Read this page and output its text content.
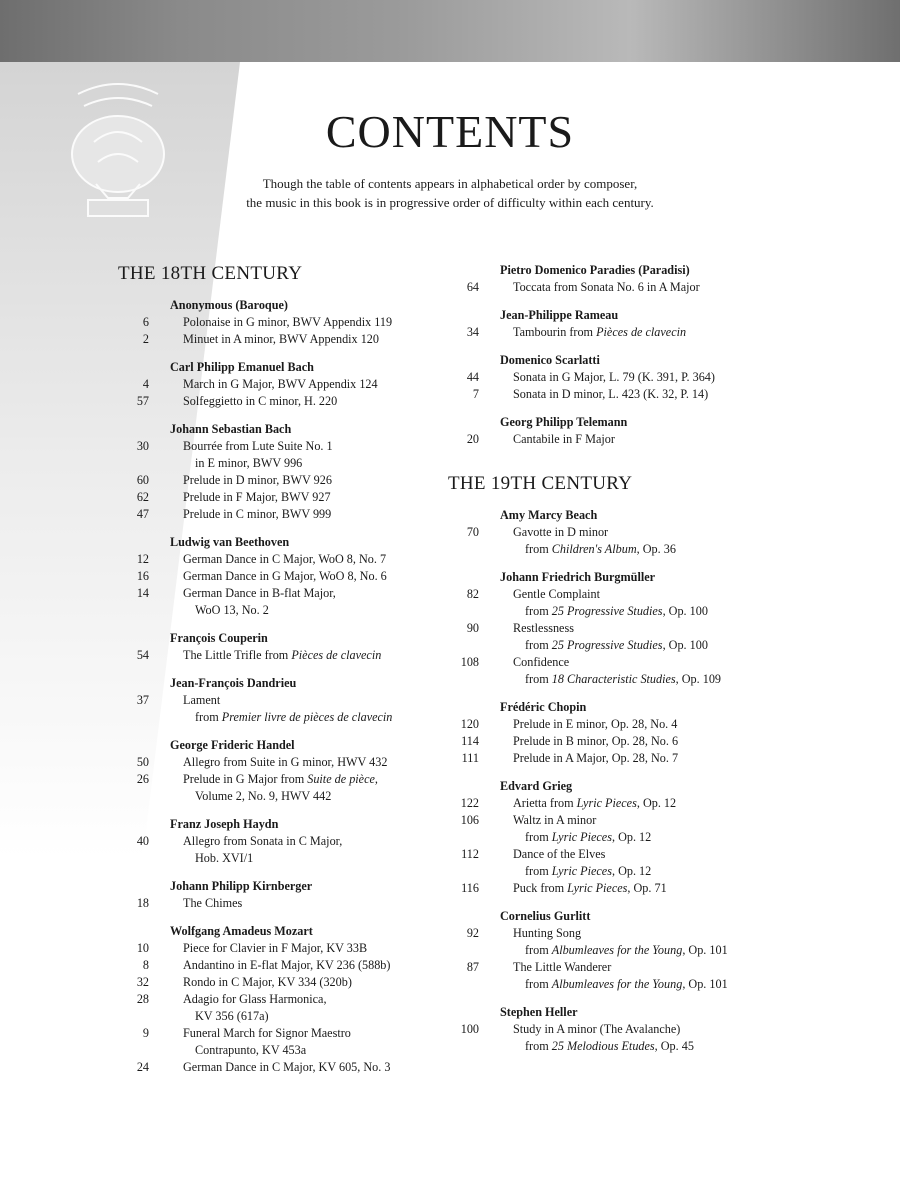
CONTENTS

Though the table of contents appears in alphabetical order by composer,

the music in this book is in progressive order of difficulty within each century.

THE 18TH CENTURY
Anonymous (Baroque)
6	Polonaise in G minor, BWV Appendix 119
2	Minuet in A minor, BWV Appendix 120
Carl Philipp Emanuel Bach
4	March in G Major, BWV Appendix 124
57	Solfeggietto in C minor, H. 220
Johann Sebastian Bach
30	Bourrée from Lute Suite No. 1
in E minor, BWV 996
60	Prelude in D minor, BWV 926
62	Prelude in F Major, BWV 927
47	Prelude in C minor, BWV 999
Ludwig van Beethoven
12	German Dance in C Major, WoO 8, No. 7
16	German Dance in G Major, WoO 8, No. 6
14	German Dance in B-flat Major,
WoO 13, No. 2
François Couperin
54	The Little Trifle from Pièces de clavecin
Jean-François Dandrieu
37	Lament
from Premier livre de pièces de clavecin
George Frideric Handel
50	Allegro from Suite in G minor, HWV 432
26	Prelude in G Major from Suite de pièce,
Volume 2, No. 9, HWV 442
Franz Joseph Haydn
40	Allegro from Sonata in C Major,
Hob. XVI/1
Johann Philipp Kirnberger
18	The Chimes
Wolfgang Amadeus Mozart
10	Piece for Clavier in F Major, KV 33B
8	Andantino in E-flat Major, KV 236 (588b)
32	Rondo in C Major, KV 334 (320b)
28	Adagio for Glass Harmonica,
KV 356 (617a)
9	Funeral March for Signor Maestro
Contrapunto, KV 453a
24	German Dance in C Major, KV 605, No. 3
Pietro Domenico Paradies (Paradisi)
64	Toccata from Sonata No. 6 in A Major
Jean-Philippe Rameau
34	Tambourin from Pièces de clavecin
Domenico Scarlatti
44	Sonata in G Major, L. 79 (K. 391, P. 364)
7	Sonata in D minor, L. 423 (K. 32, P. 14)
Georg Philipp Telemann
20	Cantabile in F Major
THE 19TH CENTURY
Amy Marcy Beach
70	Gavotte in D minor
from Children's Album, Op. 36
Johann Friedrich Burgmüller
82	Gentle Complaint
from 25 Progressive Studies, Op. 100
90	Restlessness
from 25 Progressive Studies, Op. 100
108	Confidence
from 18 Characteristic Studies, Op. 109
Frédéric Chopin
120	Prelude in E minor, Op. 28, No. 4
114	Prelude in B minor, Op. 28, No. 6
111	Prelude in A Major, Op. 28, No. 7
Edvard Grieg
122	Arietta from Lyric Pieces, Op. 12
106	Waltz in A minor
from Lyric Pieces, Op. 12
112	Dance of the Elves
from Lyric Pieces, Op. 12
116	Puck from Lyric Pieces, Op. 71
Cornelius Gurlitt
92	Hunting Song
from Albumleaves for the Young, Op. 101
87	The Little Wanderer
from Albumleaves for the Young, Op. 101
Stephen Heller
100	Study in A minor (The Avalanche)
from 25 Melodious Etudes, Op. 45
